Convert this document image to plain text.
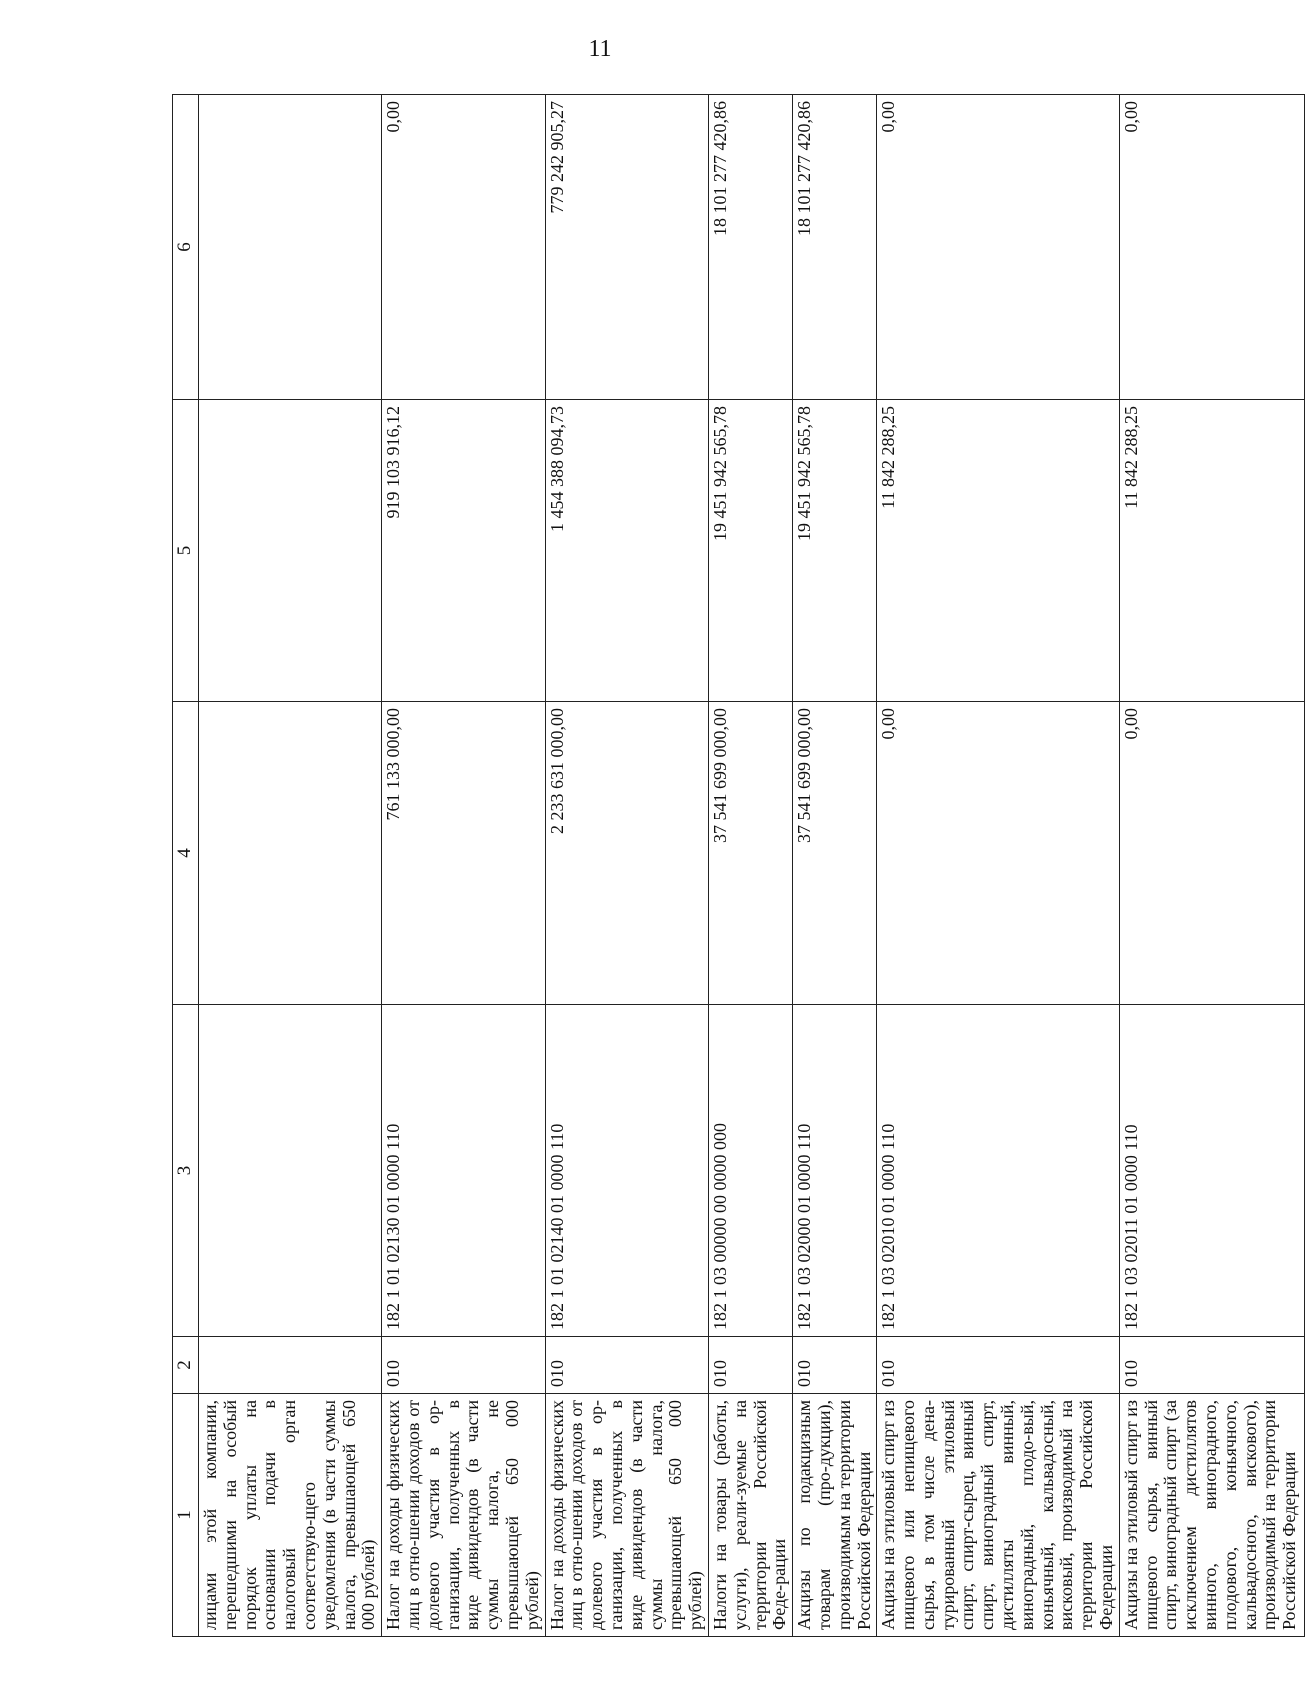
11
1	2	3	4	5	6
лицами этой компании, перешедшими на особый порядок уплаты на основании подачи в налоговый орган соответствую-щего уведомления (в части суммы налога, превышающей 650 000 рублей)					
Налог на доходы физических лиц в отно-шении доходов от долевого участия в ор-ганизации, полученных в виде дивидендов (в части суммы налога, не превышающей 650 000 рублей)	010	182 1 01 02130 01 0000 110	761 133 000,00	919 103 916,12	0,00
Налог на доходы физических лиц в отно-шении доходов от долевого участия в ор-ганизации, полученных в виде дивидендов (в части суммы налога, превышающей 650 000 рублей)	010	182 1 01 02140 01 0000 110	2 233 631 000,00	1 454 388 094,73	779 242 905,27
Налоги на товары (работы, услуги), реали-зуемые на территории Российской Феде-рации	010	182 1 03 00000 00 0000 000	37 541 699 000,00	19 451 942 565,78	18 101 277 420,86
Акцизы по подакцизным товарам (про-дукции), производимым на территории Российской Федерации	010	182 1 03 02000 01 0000 110	37 541 699 000,00	19 451 942 565,78	18 101 277 420,86
Акцизы на этиловый спирт из пищевого или непищевого сырья, в том числе дена-турированный этиловый спирт, спирт-сырец, винный спирт, виноградный спирт, дистилляты винный, виноградный, плодо-вый, коньячный, кальвадосный, висковый, производимый на территории Российской Федерации	010	182 1 03 02010 01 0000 110	0,00	11 842 288,25	0,00
Акцизы на этиловый спирт из пищевого сырья, винный спирт, виноградный спирт (за исключением дистиллятов винного, виноградного, плодового, коньячного, кальвадосного, вискового), производимый на территории Российской Федерации	010	182 1 03 02011 01 0000 110	0,00	11 842 288,25	0,00
